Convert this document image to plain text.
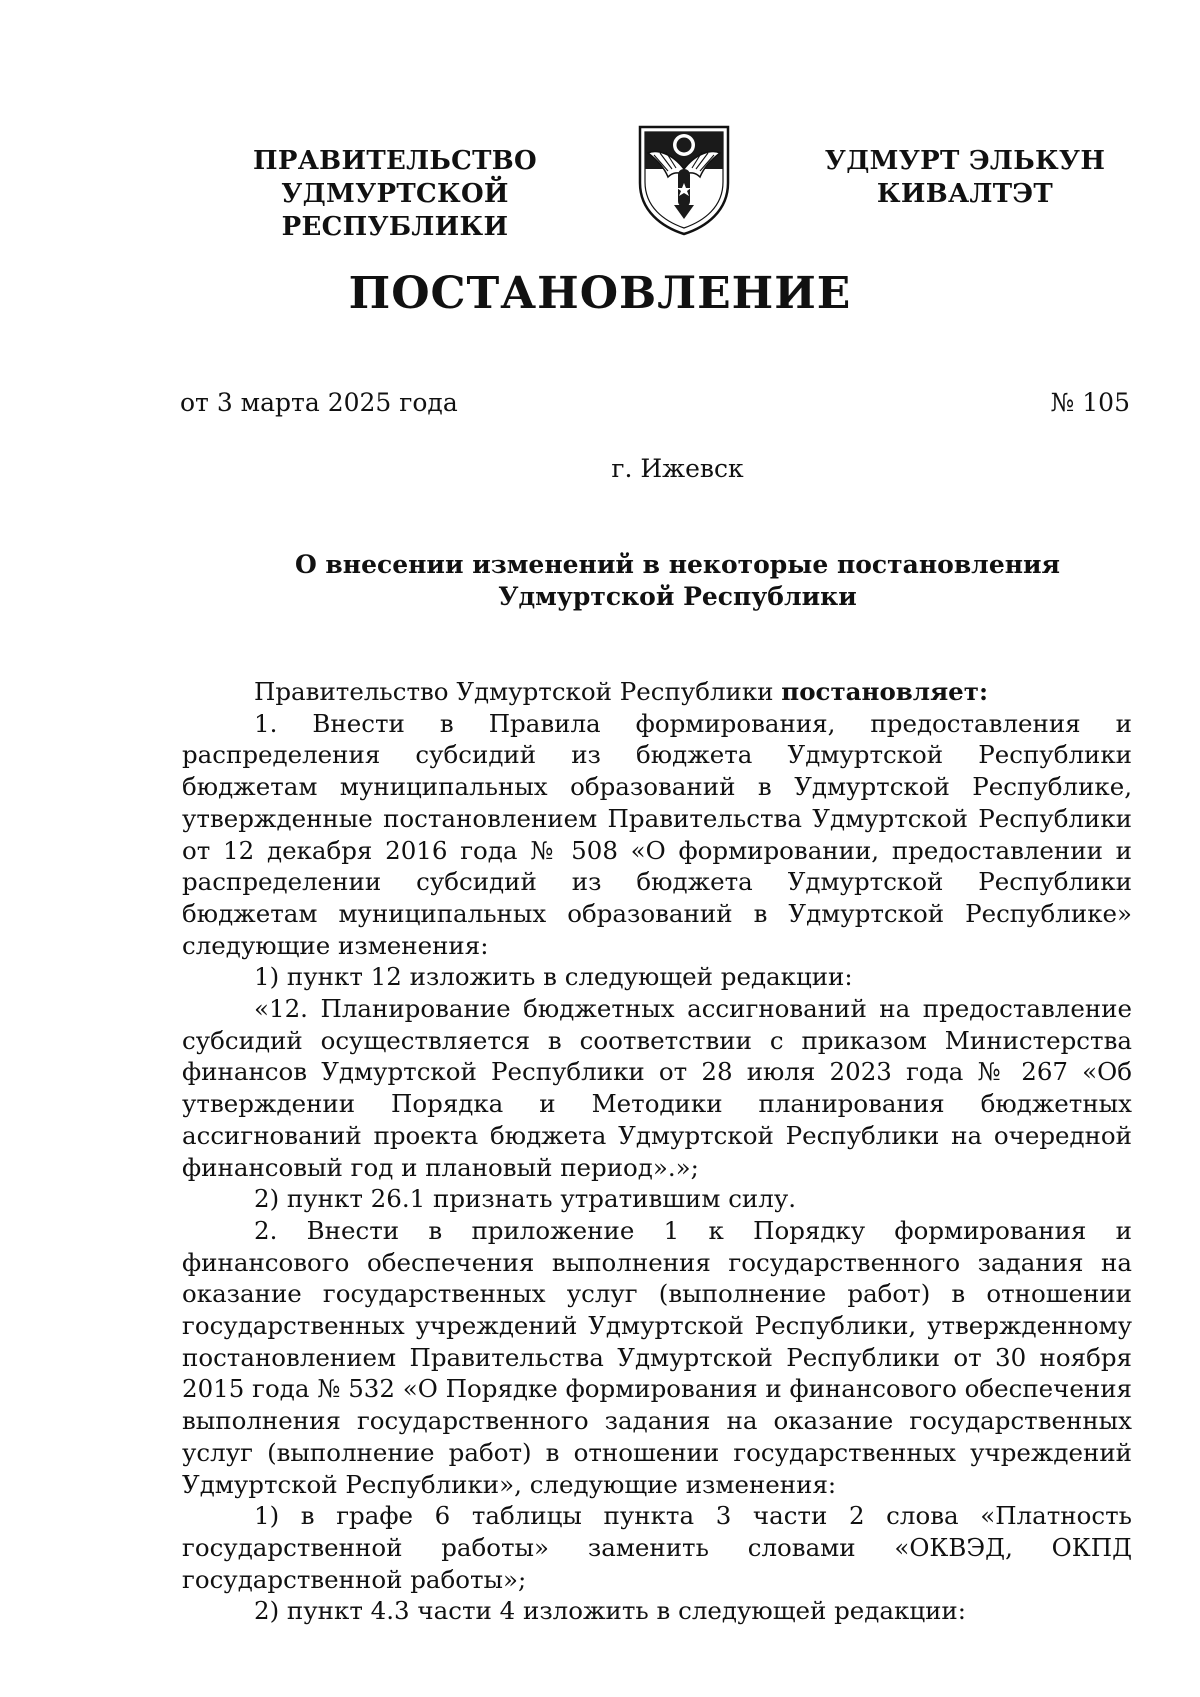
ПРАВИТЕЛЬСТВО
УДМУРТСКОЙ РЕСПУБЛИКИ
УДМУРТ ЭЛЬКУН
КИВАЛТЭТ
ПОСТАНОВЛЕНИЕ
от 3 марта 2025 года	№ 105
г. Ижевск
О внесении изменений в некоторые постановления
Удмуртской Республики

Правительство Удмуртской Республики постановляет:

1. Внести в Правила формирования, предоставления и распределения субсидий из бюджета Удмуртской Республики бюджетам муниципальных образований в Удмуртской Республике, утвержденные постановлением Правительства Удмуртской Республики от 12 декабря 2016 года № 508 «О формировании, предоставлении и распределении субсидий из бюджета Удмуртской Республики бюджетам муниципальных образований в Удмуртской Республике» следующие изменения:

1) пункт 12 изложить в следующей редакции:

«12. Планирование бюджетных ассигнований на предоставление субсидий осуществляется в соответствии с приказом Министерства финансов Удмуртской Республики от 28 июля 2023 года № 267 «Об утверждении Порядка и Методики планирования бюджетных ассигнований проекта бюджета Удмуртской Республики на очередной финансовый год и плановый период».»;

2) пункт 26.1 признать утратившим силу.

2. Внести в приложение 1 к Порядку формирования и финансового обеспечения выполнения государственного задания на оказание государственных услуг (выполнение работ) в отношении государственных учреждений Удмуртской Республики, утвержденному постановлением Правительства Удмуртской Республики от 30 ноября 2015 года № 532 «О Порядке формирования и финансового обеспечения выполнения государственного задания на оказание государственных услуг (выполнение работ) в отношении государственных учреждений Удмуртской Республики», следующие изменения:

1) в графе 6 таблицы пункта 3 части 2 слова «Платность государственной работы» заменить словами «ОКВЭД, ОКПД государственной работы»;

2) пункт 4.3 части 4 изложить в следующей редакции:
